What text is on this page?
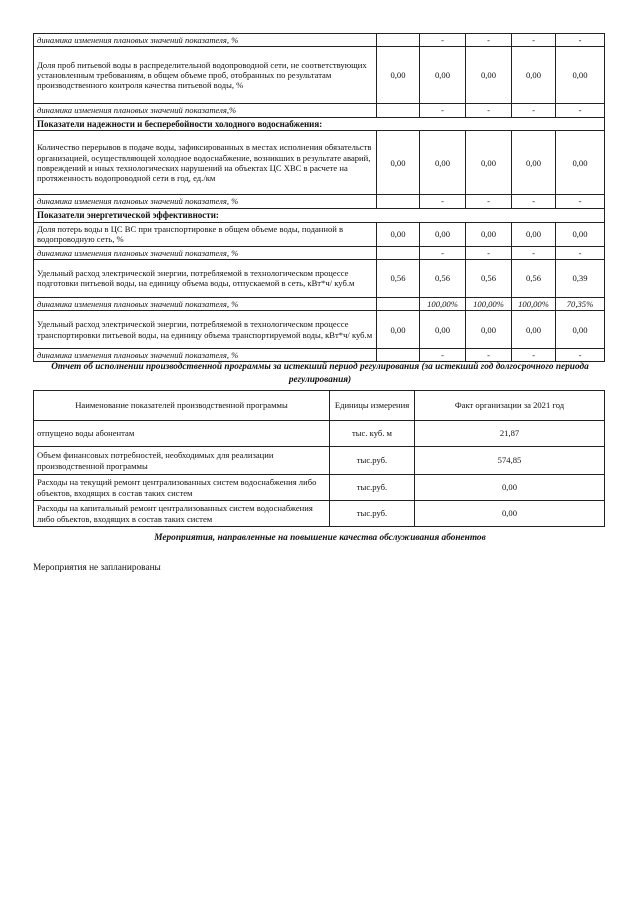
динамика изменения плановых значений показателя, %		-	-	-	-
Доля проб питьевой воды в распределительной водопроводной сети, не соответствующих установленным требованиям, в общем объеме проб, отобранных по результатам производственного контроля качества питьевой воды, %	0,00	0,00	0,00	0,00	0,00
динамика изменения плановых значений показателя,%		-	-	-	-
Показатели надежности и бесперебойности холодного водоснабжения:					
Количество перерывов в подаче воды, зафиксированных в местах исполнения обязательств организацией, осуществляющей холодное водоснабжение, возникших в результате аварий, повреждений и иных технологических нарушений на объектах ЦС ХВС в расчете на протяженность водопроводной сети в год, ед./км	0,00	0,00	0,00	0,00	0,00
динамика изменения плановых значений показателя, %		-	-	-	-
Показатели энергетической эффективности:					
Доля потерь воды в ЦС ВС при транспортировке в общем объеме воды, поданной в водопроводную сеть, %	0,00	0,00	0,00	0,00	0,00
динамика изменения плановых значений показателя, %		-	-	-	-
Удельный расход электрической энергии, потребляемой в технологическом процессе подготовки питьевой воды, на единицу объема воды, отпускаемой в сеть, кВт*ч/ куб.м	0,56	0,56	0,56	0,56	0,39
динамика изменения плановых значений показателя, %		100,00%	100,00%	100,00%	70,35%
Удельный расход электрической энергии, потребляемой в технологическом процессе транспортировки питьевой воды, на единицу объема транспортируемой воды, кВт*ч/ куб.м	0,00	0,00	0,00	0,00	0,00
динамика изменения плановых значений показателя, %		-	-	-	-
Отчет об исполнении производственной программы за истекший период регулирования (за истекший год долгосрочного периода регулирования)
Наименование показателей производственной программы	Единицы измерения	Факт организации за 2021 год
отпущено воды абонентам	тыс. куб. м	21,87
Объем финансовых потребностей, необходимых для реализации производственной программы	тыс.руб.	574,85
Расходы на текущий ремонт централизованных систем водоснабжения либо объектов, входящих в состав таких систем	тыс.руб.	0,00
Расходы на капитальный ремонт централизованных систем водоснабжения либо объектов, входящих в состав таких систем	тыс.руб.	0,00
Мероприятия, направленные на повышение качества обслуживания абонентов
Мероприятия не запланированы
